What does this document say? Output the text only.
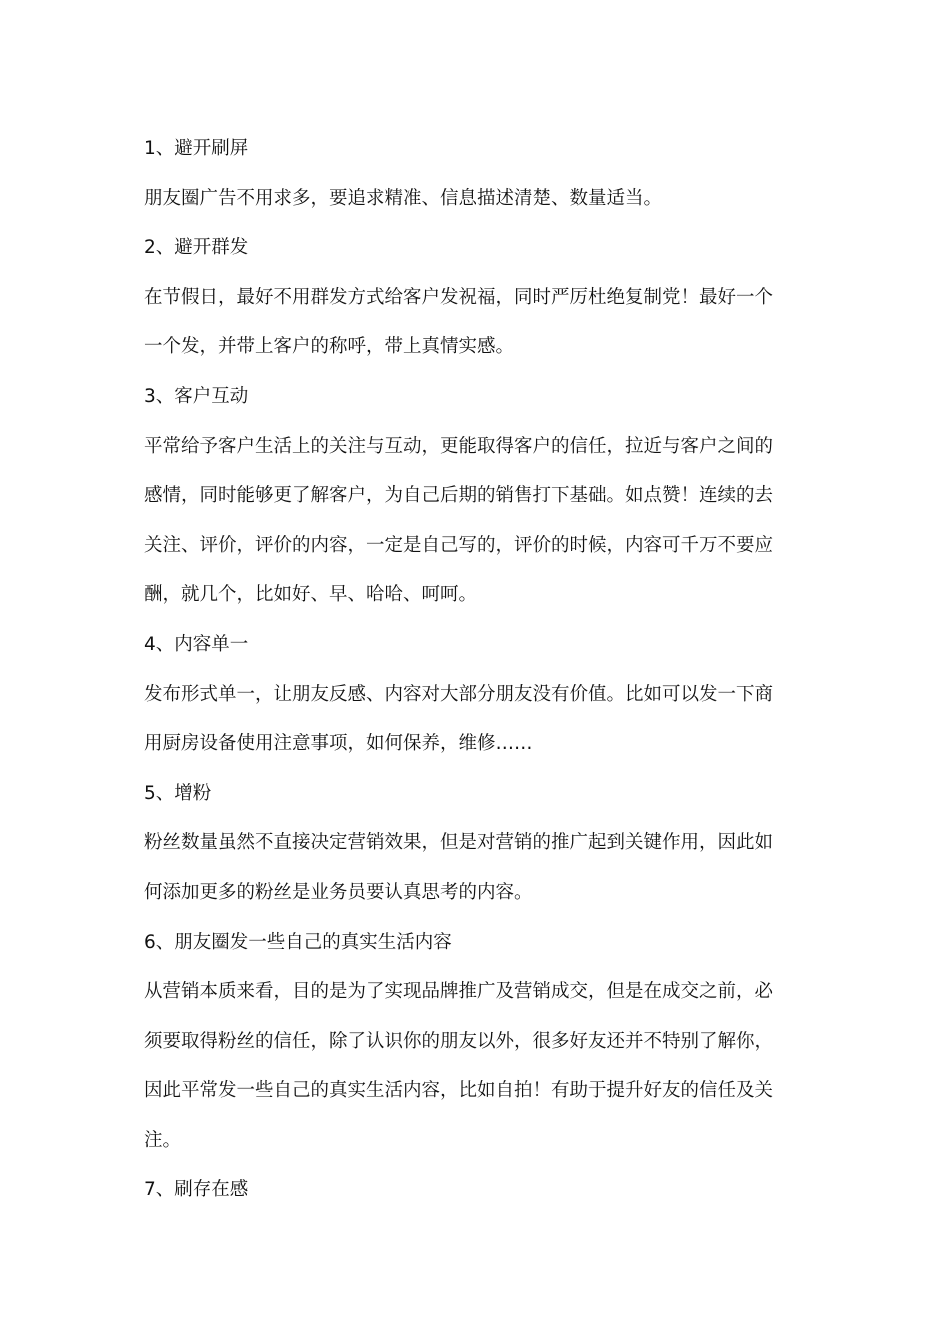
1、避开刷屏
朋友圈广告不用求多，要追求精准、信息描述清楚、数量适当。
2、避开群发
在节假日，最好不用群发方式给客户发祝福，同时严厉杜绝复制党！最好一个
一个发，并带上客户的称呼，带上真情实感。
3、客户互动
平常给予客户生活上的关注与互动，更能取得客户的信任，拉近与客户之间的
感情，同时能够更了解客户，为自己后期的销售打下基础。如点赞！连续的去
关注、评价，评价的内容，一定是自己写的，评价的时候，内容可千万不要应
酬，就几个，比如好、早、哈哈、呵呵。
4、内容单一
发布形式单一，让朋友反感、内容对大部分朋友没有价值。比如可以发一下商
用厨房设备使用注意事项，如何保养，维修……
5、增粉
粉丝数量虽然不直接决定营销效果，但是对营销的推广起到关键作用，因此如
何添加更多的粉丝是业务员要认真思考的内容。
6、朋友圈发一些自己的真实生活内容
从营销本质来看，目的是为了实现品牌推广及营销成交，但是在成交之前，必
须要取得粉丝的信任，除了认识你的朋友以外，很多好友还并不特别了解你，
因此平常发一些自己的真实生活内容，比如自拍！有助于提升好友的信任及关
注。
7、刷存在感
